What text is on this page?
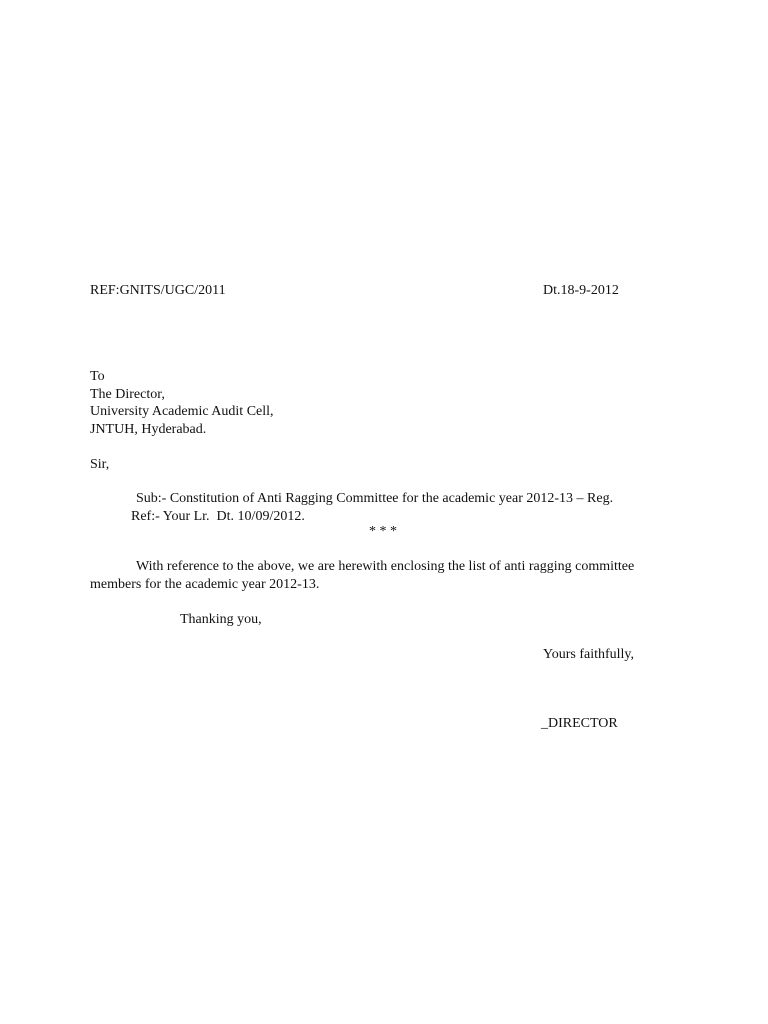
REF:GNITS/UGC/2011	Dt.18-9-2012
To
The Director,
University Academic Audit Cell,
JNTUH, Hyderabad.
Sir,
Sub:- Constitution of Anti Ragging Committee for the academic year 2012-13 – Reg.
Ref:- Your Lr.  Dt. 10/09/2012.
* * *
With reference to the above, we are herewith enclosing the list of anti ragging committee
members for the academic year 2012-13.
Thanking you,
Yours faithfully,
_DIRECTOR
